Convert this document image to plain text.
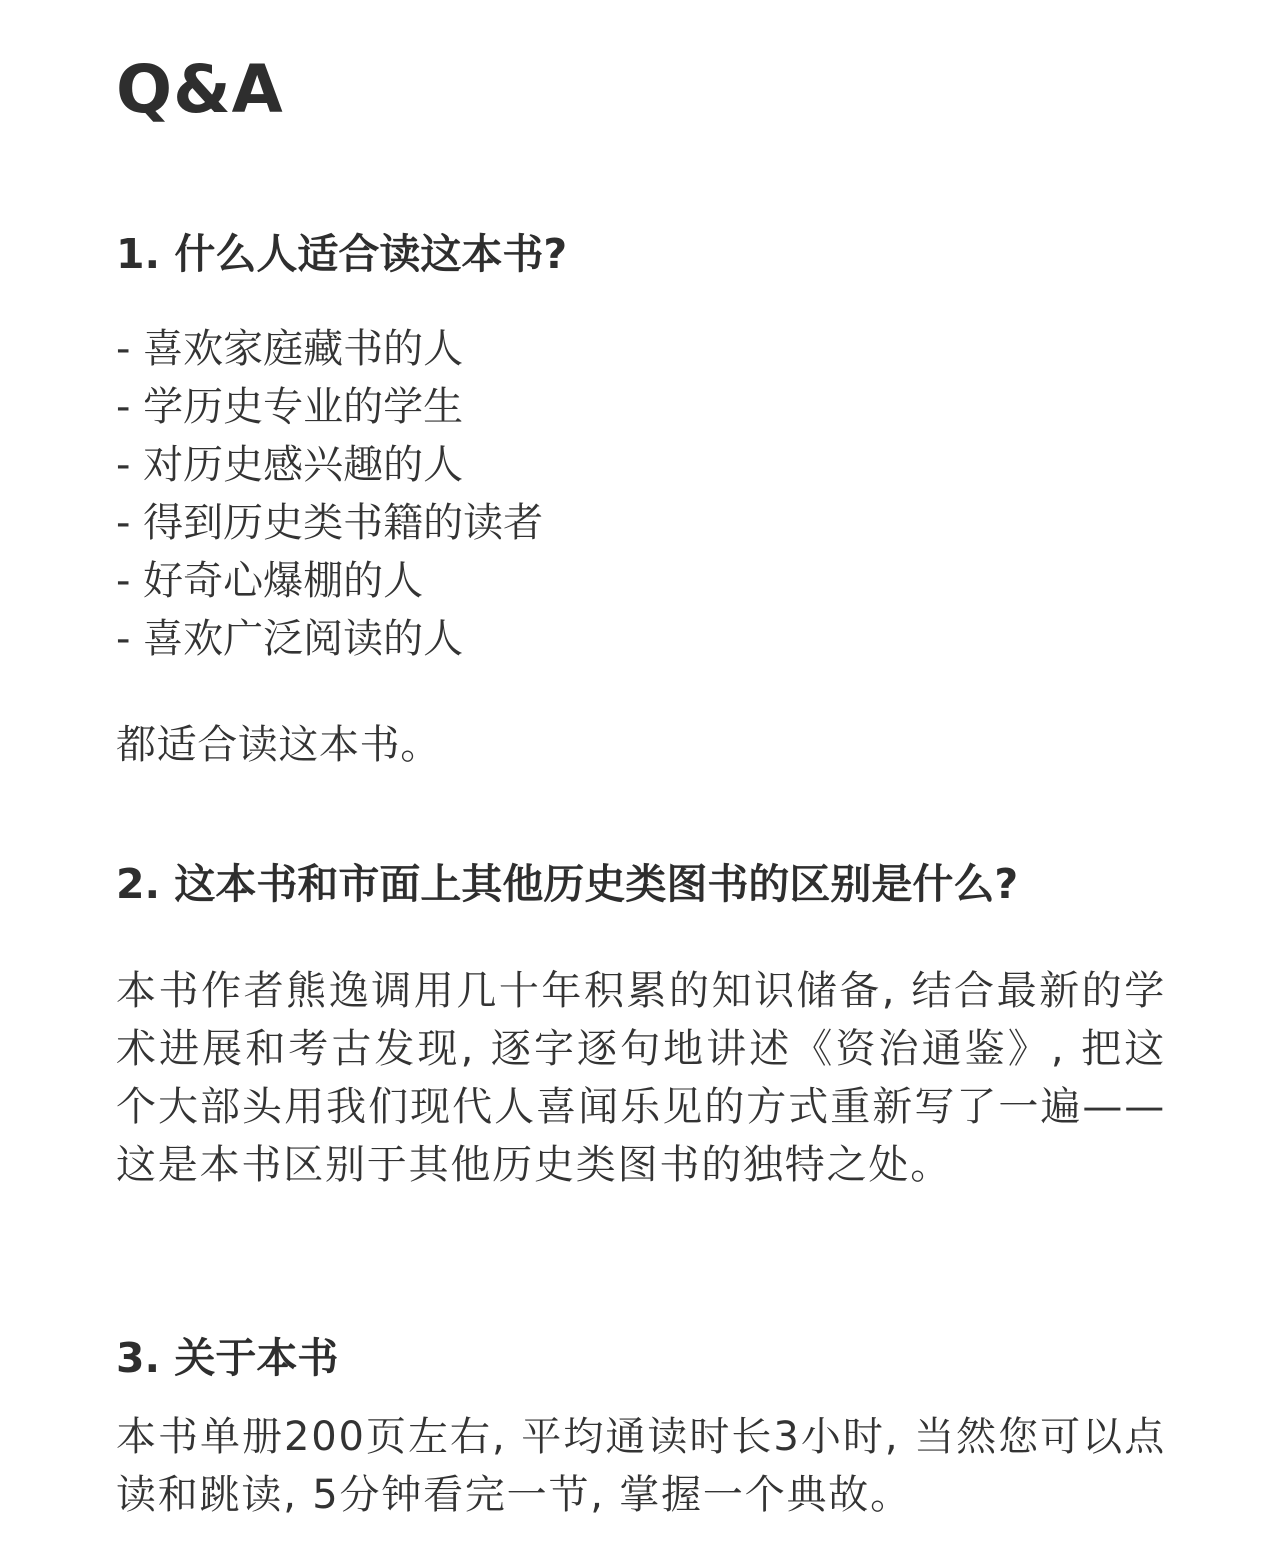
Q&A
1. 什么人适合读这本书?
- 喜欢家庭藏书的人
- 学历史专业的学生
- 对历史感兴趣的人
- 得到历史类书籍的读者
- 好奇心爆棚的人
- 喜欢广泛阅读的人

都适合读这本书。

2. 这本书和市面上其他历史类图书的区别是什么?

本书作者熊逸调用几十年积累的知识储备, 结合最新的学术进展和考古发现, 逐字逐句地讲述《资治通鉴》, 把这个大部头用我们现代人喜闻乐见的方式重新写了一遍——这是本书区别于其他历史类图书的独特之处。

3. 关于本书

本书单册200页左右, 平均通读时长3小时, 当然您可以点读和跳读, 5分钟看完一节, 掌握一个典故。
